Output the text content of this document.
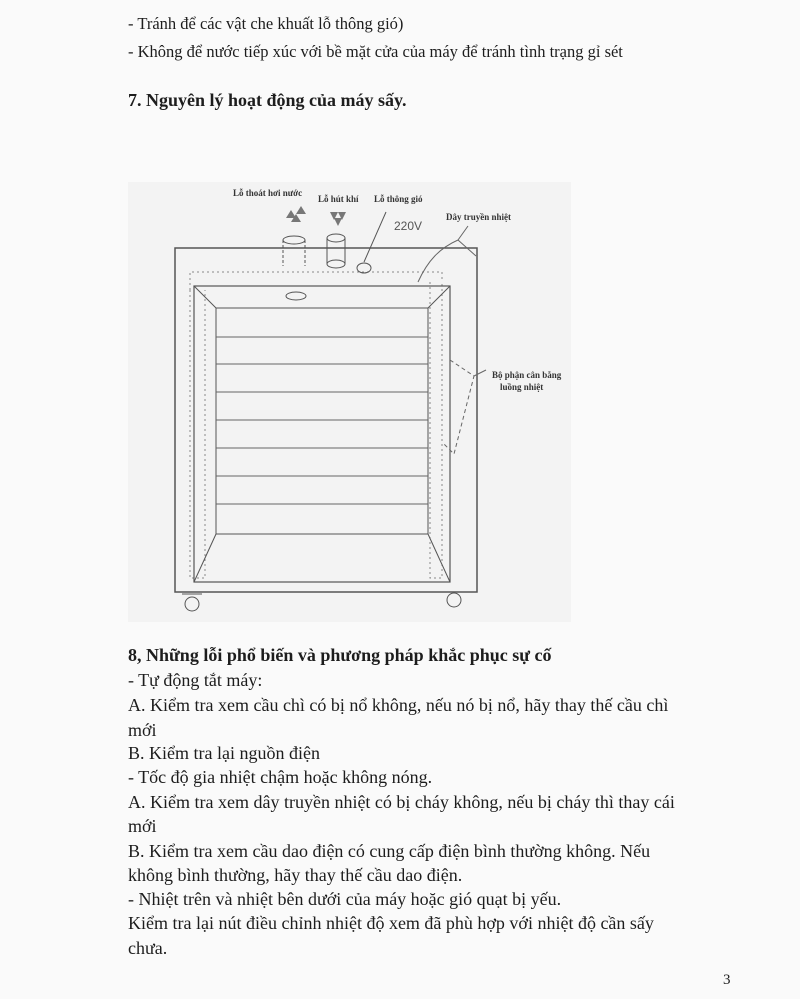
- Tránh để các vật che khuất lỗ thông gió)
- Không để nước tiếp xúc với bề mặt cửa của máy để tránh tình trạng gỉ sét
7. Nguyên lý hoạt động của máy sấy.
Lỗ thoát hơi nước
Lỗ hút khí Lỗ thông gió
220V
Dây truyền nhiệt
Bộ phận cân bằng
luồng nhiệt
8, Những lỗi phổ biến và phương pháp khắc phục sự cố
- Tự động tắt máy:
A. Kiểm tra xem cầu chì có bị nổ không, nếu nó bị nổ, hãy thay thế cầu chì
mới
B. Kiểm tra lại nguồn điện
- Tốc độ gia nhiệt chậm hoặc không nóng.
A. Kiểm tra xem dây truyền nhiệt có bị cháy không, nếu bị cháy thì thay cái
mới
B. Kiểm tra xem cầu dao điện có cung cấp điện bình thường không. Nếu
không bình thường, hãy thay thế cầu dao điện.
- Nhiệt trên và nhiệt bên dưới của máy hoặc gió quạt bị yếu.
Kiểm tra lại nút điều chỉnh nhiệt độ xem đã phù hợp với nhiệt độ cần sấy
chưa.
3
